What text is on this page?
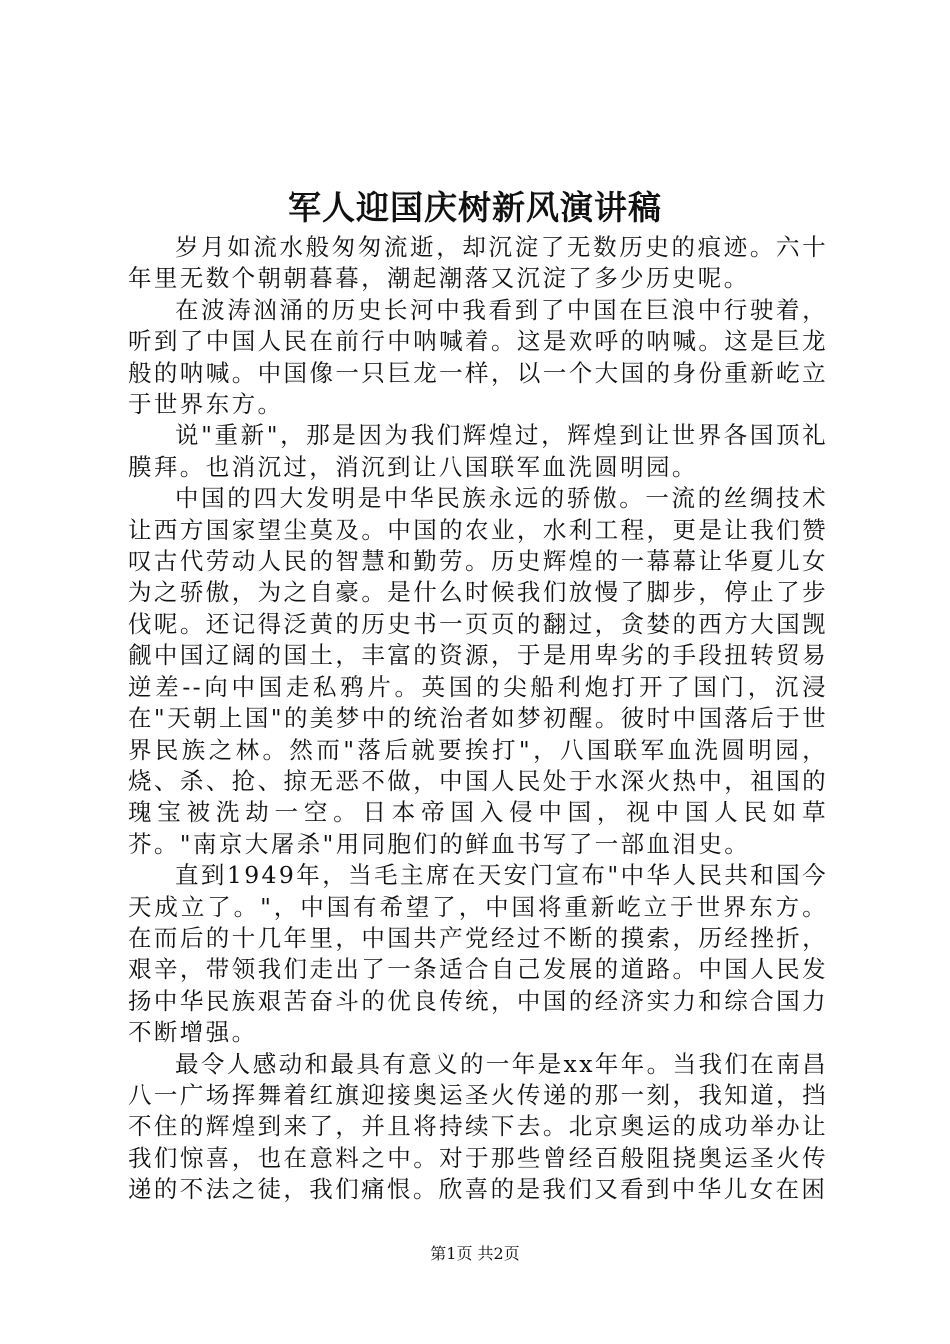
军人迎国庆树新风演讲稿

岁月如流水般匆匆流逝，却沉淀了无数历史的痕迹。六十年里无数个朝朝暮暮，潮起潮落又沉淀了多少历史呢。

在波涛汹涌的历史长河中我看到了中国在巨浪中行驶着，听到了中国人民在前行中呐喊着。这是欢呼的呐喊。这是巨龙般的呐喊。中国像一只巨龙一样，以一个大国的身份重新屹立于世界东方。

说"重新"，那是因为我们辉煌过，辉煌到让世界各国顶礼膜拜。也消沉过，消沉到让八国联军血洗圆明园。

中国的四大发明是中华民族永远的骄傲。一流的丝绸技术让西方国家望尘莫及。中国的农业，水利工程，更是让我们赞叹古代劳动人民的智慧和勤劳。历史辉煌的一幕幕让华夏儿女为之骄傲，为之自豪。是什么时候我们放慢了脚步，停止了步伐呢。还记得泛黄的历史书一页页的翻过，贪婪的西方大国觊觎中国辽阔的国土，丰富的资源，于是用卑劣的手段扭转贸易逆差--向中国走私鸦片。英国的尖船利炮打开了国门，沉浸在"天朝上国"的美梦中的统治者如梦初醒。彼时中国落后于世界民族之林。然而"落后就要挨打"，八国联军血洗圆明园，烧、杀、抢、掠无恶不做，中国人民处于水深火热中，祖国的瑰宝被洗劫一空。日本帝国入侵中国，视中国人民如草芥。"南京大屠杀"用同胞们的鲜血书写了一部血泪史。

直到1949年，当毛主席在天安门宣布"中华人民共和国今天成立了。"，中国有希望了，中国将重新屹立于世界东方。在而后的十几年里，中国共产党经过不断的摸索，历经挫折，艰辛，带领我们走出了一条适合自己发展的道路。中国人民发扬中华民族艰苦奋斗的优良传统，中国的经济实力和综合国力不断增强。

最令人感动和最具有意义的一年是xx年年。当我们在南昌八一广场挥舞着红旗迎接奥运圣火传递的那一刻，我知道，挡不住的辉煌到来了，并且将持续下去。北京奥运的成功举办让我们惊喜，也在意料之中。对于那些曾经百般阻挠奥运圣火传递的不法之徒，我们痛恨。欣喜的是我们又看到中华儿女在困

第1页 共2页
